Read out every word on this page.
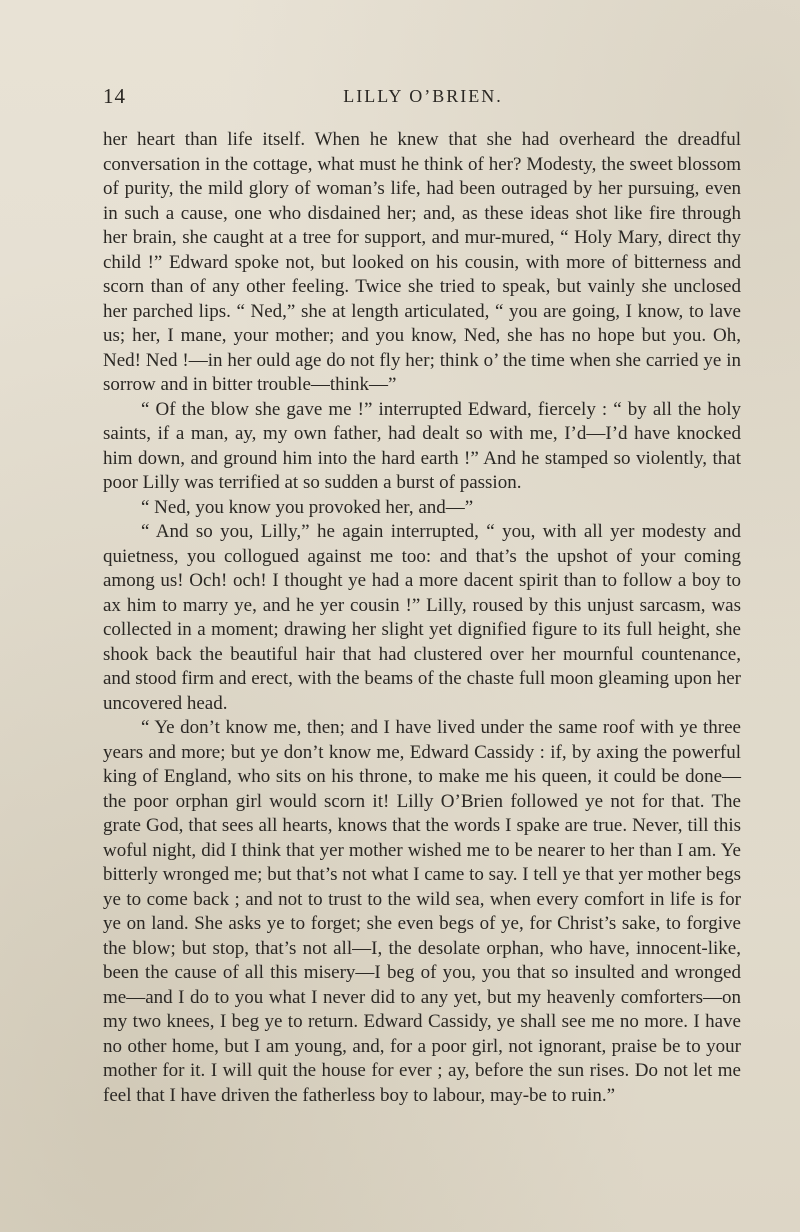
14	LILLY O’BRIEN.

her heart than life itself. When he knew that she had overheard the dreadful conversation in the cottage, what must he think of her? Modesty, the sweet blossom of purity, the mild glory of woman’s life, had been outraged by her pursuing, even in such a cause, one who disdained her; and, as these ideas shot like fire through her brain, she caught at a tree for support, and mur-mured, “ Holy Mary, direct thy child !” Edward spoke not, but looked on his cousin, with more of bitterness and scorn than of any other feeling. Twice she tried to speak, but vainly she unclosed her parched lips. “ Ned,” she at length articulated, “ you are going, I know, to lave us; her, I mane, your mother; and you know, Ned, she has no hope but you. Oh, Ned! Ned !—in her ould age do not fly her; think o’ the time when she carried ye in sorrow and in bitter trouble—think—”

“ Of the blow she gave me !” interrupted Edward, fiercely : “ by all the holy saints, if a man, ay, my own father, had dealt so with me, I’d—I’d have knocked him down, and ground him into the hard earth !” And he stamped so violently, that poor Lilly was terrified at so sudden a burst of passion.

“ Ned, you know you provoked her, and—”

“ And so you, Lilly,” he again interrupted, “ you, with all yer modesty and quietness, you collogued against me too: and that’s the upshot of your coming among us! Och! och! I thought ye had a more dacent spirit than to follow a boy to ax him to marry ye, and he yer cousin !” Lilly, roused by this unjust sarcasm, was collected in a moment; drawing her slight yet dignified figure to its full height, she shook back the beautiful hair that had clustered over her mournful countenance, and stood firm and erect, with the beams of the chaste full moon gleaming upon her uncovered head.

“ Ye don’t know me, then; and I have lived under the same roof with ye three years and more; but ye don’t know me, Edward Cassidy : if, by axing the powerful king of England, who sits on his throne, to make me his queen, it could be done—the poor orphan girl would scorn it! Lilly O’Brien followed ye not for that. The grate God, that sees all hearts, knows that the words I spake are true. Never, till this woful night, did I think that yer mother wished me to be nearer to her than I am. Ye bitterly wronged me; but that’s not what I came to say. I tell ye that yer mother begs ye to come back ; and not to trust to the wild sea, when every comfort in life is for ye on land. She asks ye to forget; she even begs of ye, for Christ’s sake, to forgive the blow; but stop, that’s not all—I, the desolate orphan, who have, innocent-like, been the cause of all this misery—I beg of you, you that so insulted and wronged me—and I do to you what I never did to any yet, but my heavenly comforters—on my two knees, I beg ye to return. Edward Cassidy, ye shall see me no more. I have no other home, but I am young, and, for a poor girl, not ignorant, praise be to your mother for it. I will quit the house for ever ; ay, before the sun rises. Do not let me feel that I have driven the fatherless boy to labour, may-be to ruin.”
